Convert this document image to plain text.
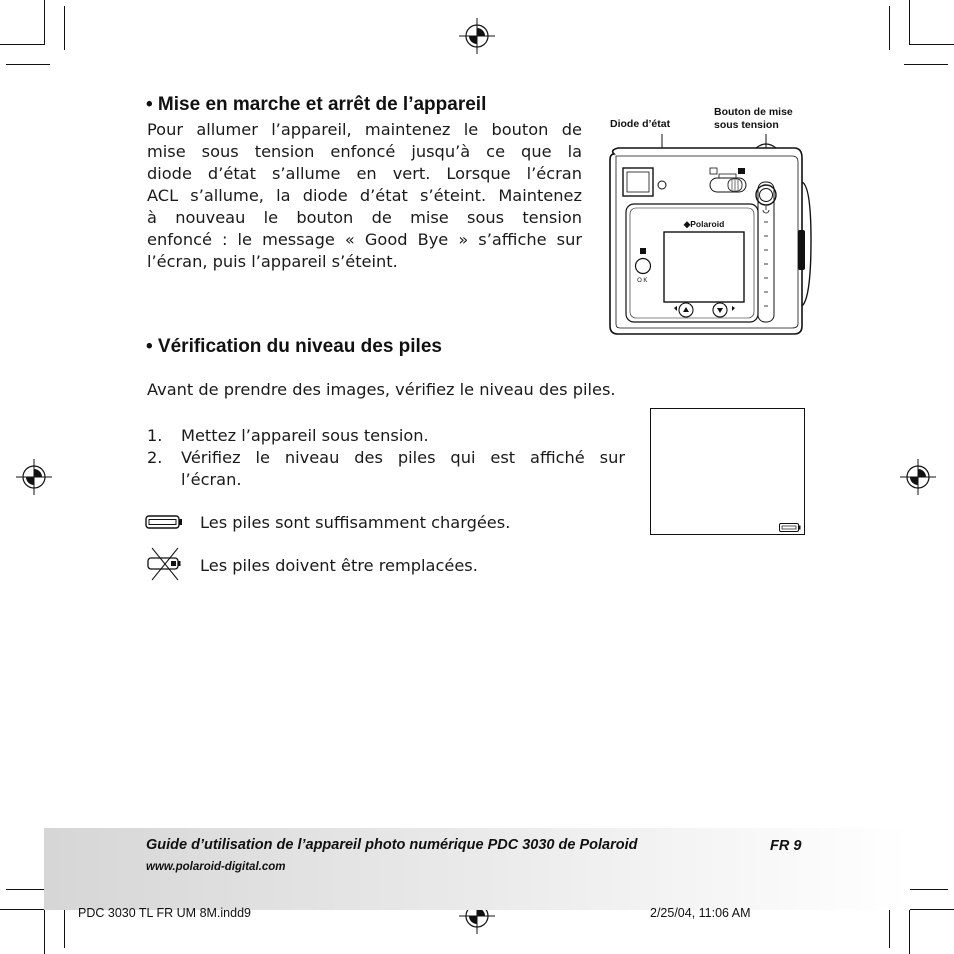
• Mise en marche et arrêt de l’appareil
Pour allumer l’appareil, maintenez le bouton de
mise sous tension enfoncé jusqu’à ce que la
diode d’état s’allume en vert. Lorsque l’écran
ACL s’allume, la diode d’état s’éteint. Maintenez
à nouveau le bouton de mise sous tension
enfoncé : le message « Good Bye » s’affiche sur
l’écran, puis l’appareil s’éteint.
Diode d’état
Bouton de mise sous tension
◆Polaroid
OK
• Vérification du niveau des piles
Avant de prendre des images, vérifiez le niveau des piles.
1. Mettez l’appareil sous tension.
2. Vérifiez le niveau des piles qui est affiché sur
l’écran.
Les piles sont suffisamment chargées.
Les piles doivent être remplacées.
Guide d’utilisation de l’appareil photo numérique PDC 3030 de Polaroid	FR 9
www.polaroid-digital.com
PDC 3030 TL FR UM 8M.indd9	2/25/04, 11:06 AM
